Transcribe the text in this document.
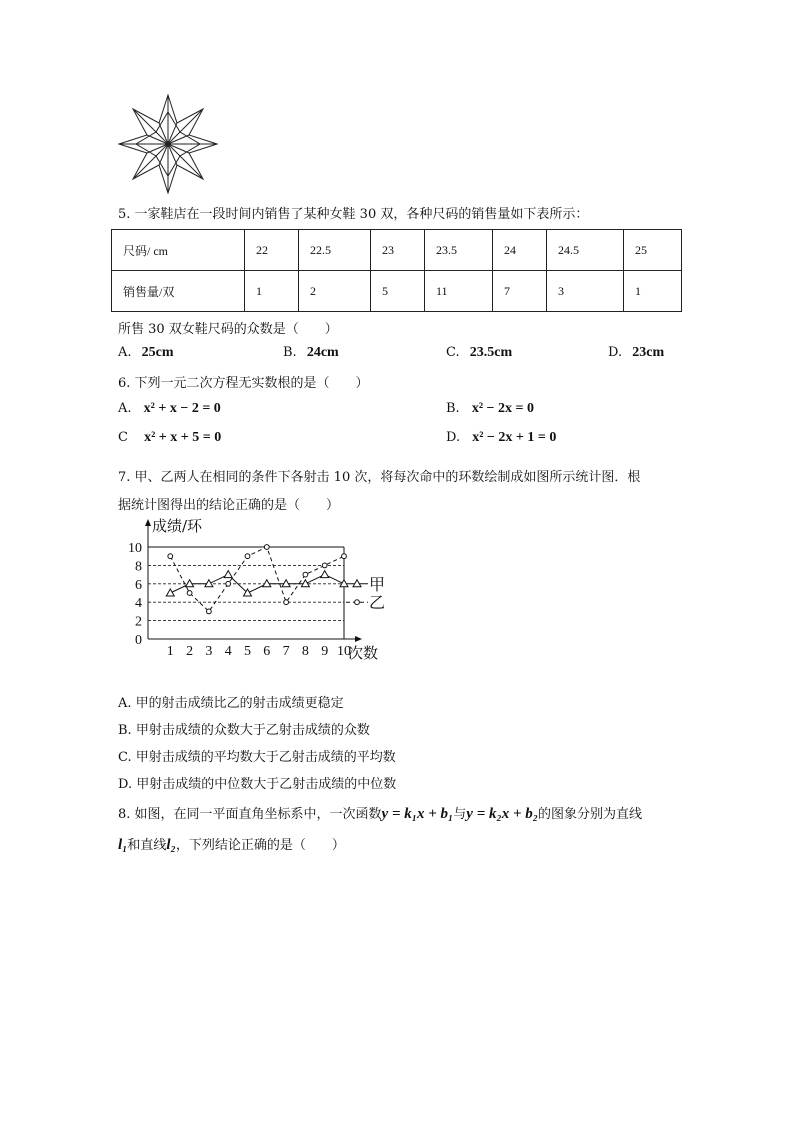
5. 一家鞋店在一段时间内销售了某种女鞋 30 双，各种尺码的销售量如下表所示：
尺码/ cm	22	22.5	23	23.5	24	24.5	25
销售量/双	1	2	5	11	7	3	1
所售 30 双女鞋尺码的众数是（　　）
A. 25cm	B. 24cm	C. 23.5cm	D. 23cm
6. 下列一元二次方程无实数根的是（　　）
A. x² + x − 2 = 0	B. x² − 2x = 0
C x² + x + 5 = 0	D. x² − 2x + 1 = 0
7. 甲、乙两人在相同的条件下各射击 10 次，将每次命中的环数绘制成如图所示统计图．根
据统计图得出的结论正确的是（　　）
0
2
4
6
8
10
1 2 3 4 5 6 7 8 9 10
成绩/环
次数
甲
乙
A. 甲的射击成绩比乙的射击成绩更稳定
B. 甲射击成绩的众数大于乙射击成绩的众数
C. 甲射击成绩的平均数大于乙射击成绩的平均数
D. 甲射击成绩的中位数大于乙射击成绩的中位数
8. 如图，在同一平面直角坐标系中，一次函数y = k₁x + b₁与y = k₂x + b₂的图象分别为直线
l₁和直线l₂，下列结论正确的是（　　）
